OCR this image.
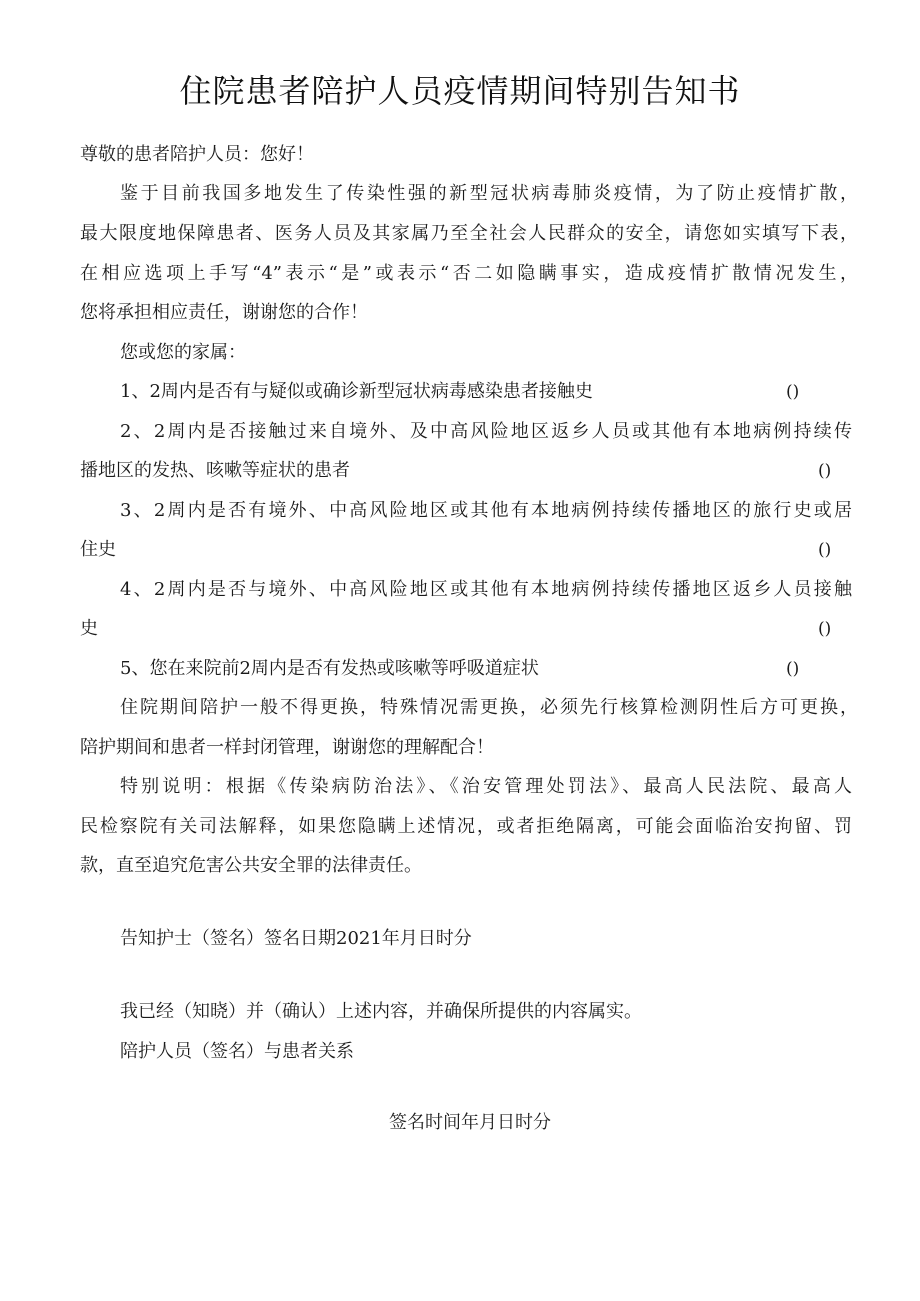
住院患者陪护人员疫情期间特别告知书
尊敬的患者陪护人员：您好！
鉴于目前我国多地发生了传染性强的新型冠状病毒肺炎疫情，为了防止疫情扩散，
最大限度地保障患者、医务人员及其家属乃至全社会人民群众的安全，请您如实填写下表，
在相应选项上手写“4”表示“是”或表示“否二如隐瞒事实，造成疫情扩散情况发生，
您将承担相应责任，谢谢您的合作！
您或您的家属：
1、2周内是否有与疑似或确诊新型冠状病毒感染患者接触史	()
2、2周内是否接触过来自境外、及中高风险地区返乡人员或其他有本地病例持续传
播地区的发热、咳嗽等症状的患者	()
3、2周内是否有境外、中高风险地区或其他有本地病例持续传播地区的旅行史或居
住史	()
4、2周内是否与境外、中高风险地区或其他有本地病例持续传播地区返乡人员接触
史	()
5、您在来院前2周内是否有发热或咳嗽等呼吸道症状	()
住院期间陪护一般不得更换，特殊情况需更换，必须先行核算检测阴性后方可更换，
陪护期间和患者一样封闭管理，谢谢您的理解配合！
特别说明：根据《传染病防治法》、《治安管理处罚法》、最高人民法院、最高人
民检察院有关司法解释，如果您隐瞒上述情况，或者拒绝隔离，可能会面临治安拘留、罚
款，直至追究危害公共安全罪的法律责任。
告知护士（签名）签名日期2021年月日时分
我已经（知晓）并（确认）上述内容，并确保所提供的内容属实。
陪护人员（签名）与患者关系
签名时间年月日时分
